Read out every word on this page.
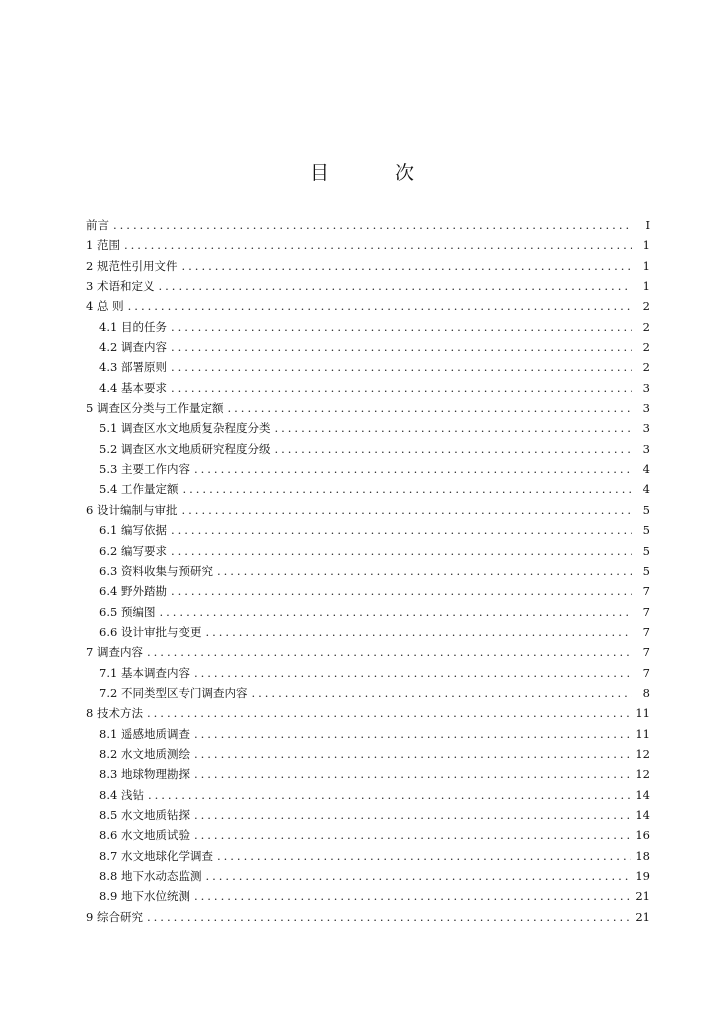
目 次
前言 .....	I
1 范围 .....	1
2 规范性引用文件 .....	1
3 术语和定义 .....	1
4 总 则 .....	2
4.1 目的任务 .....	2
4.2 调查内容 .....	2
4.3 部署原则 .....	2
4.4 基本要求 .....	3
5 调查区分类与工作量定额 .....	3
5.1 调查区水文地质复杂程度分类 .....	3
5.2 调查区水文地质研究程度分级 .....	3
5.3 主要工作内容 .....	4
5.4 工作量定额 .....	4
6 设计编制与审批 .....	5
6.1 编写依据 .....	5
6.2 编写要求 .....	5
6.3 资料收集与预研究 .....	5
6.4 野外踏勘 .....	7
6.5 预编图 .....	7
6.6 设计审批与变更 .....	7
7 调查内容 .....	7
7.1 基本调查内容 .....	7
7.2 不同类型区专门调查内容 .....	8
8 技术方法 .....	11
8.1 遥感地质调查 .....	11
8.2 水文地质测绘 .....	12
8.3 地球物理勘探 .....	12
8.4 浅钻 .....	14
8.5 水文地质钻探 .....	14
8.6 水文地质试验 .....	16
8.7 水文地球化学调查 .....	18
8.8 地下水动态监测 .....	19
8.9 地下水位统测 .....	21
9 综合研究 .....	21
